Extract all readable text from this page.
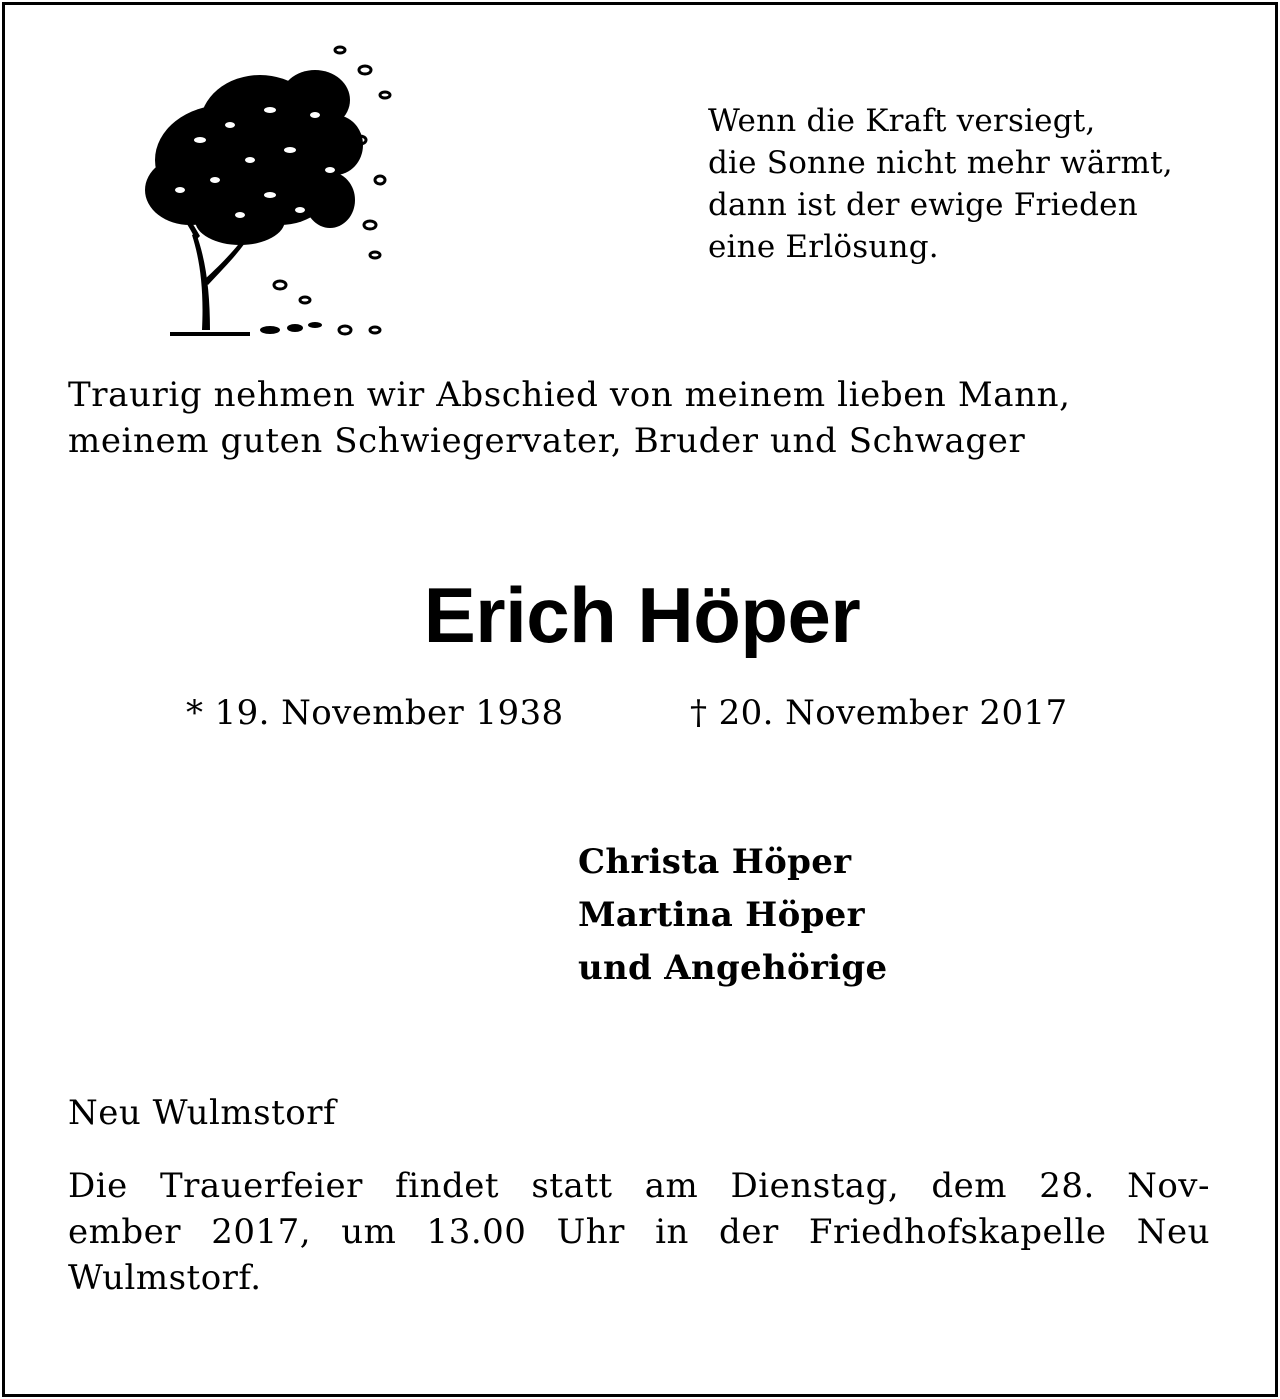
Wenn die Kraft versiegt,
die Sonne nicht mehr wärmt,
dann ist der ewige Frieden
eine Erlösung.
Traurig nehmen wir Abschied von meinem lieben Mann,
meinem guten Schwiegervater, Bruder und Schwager
Erich Höper
* 19. November 1938	† 20. November 2017
Christa Höper
Martina Höper
und Angehörige
Neu Wulmstorf
Die Trauerfeier findet statt am Dienstag, dem 28. Nov-
ember 2017, um 13.00 Uhr in der Friedhofskapelle Neu
Wulmstorf.
